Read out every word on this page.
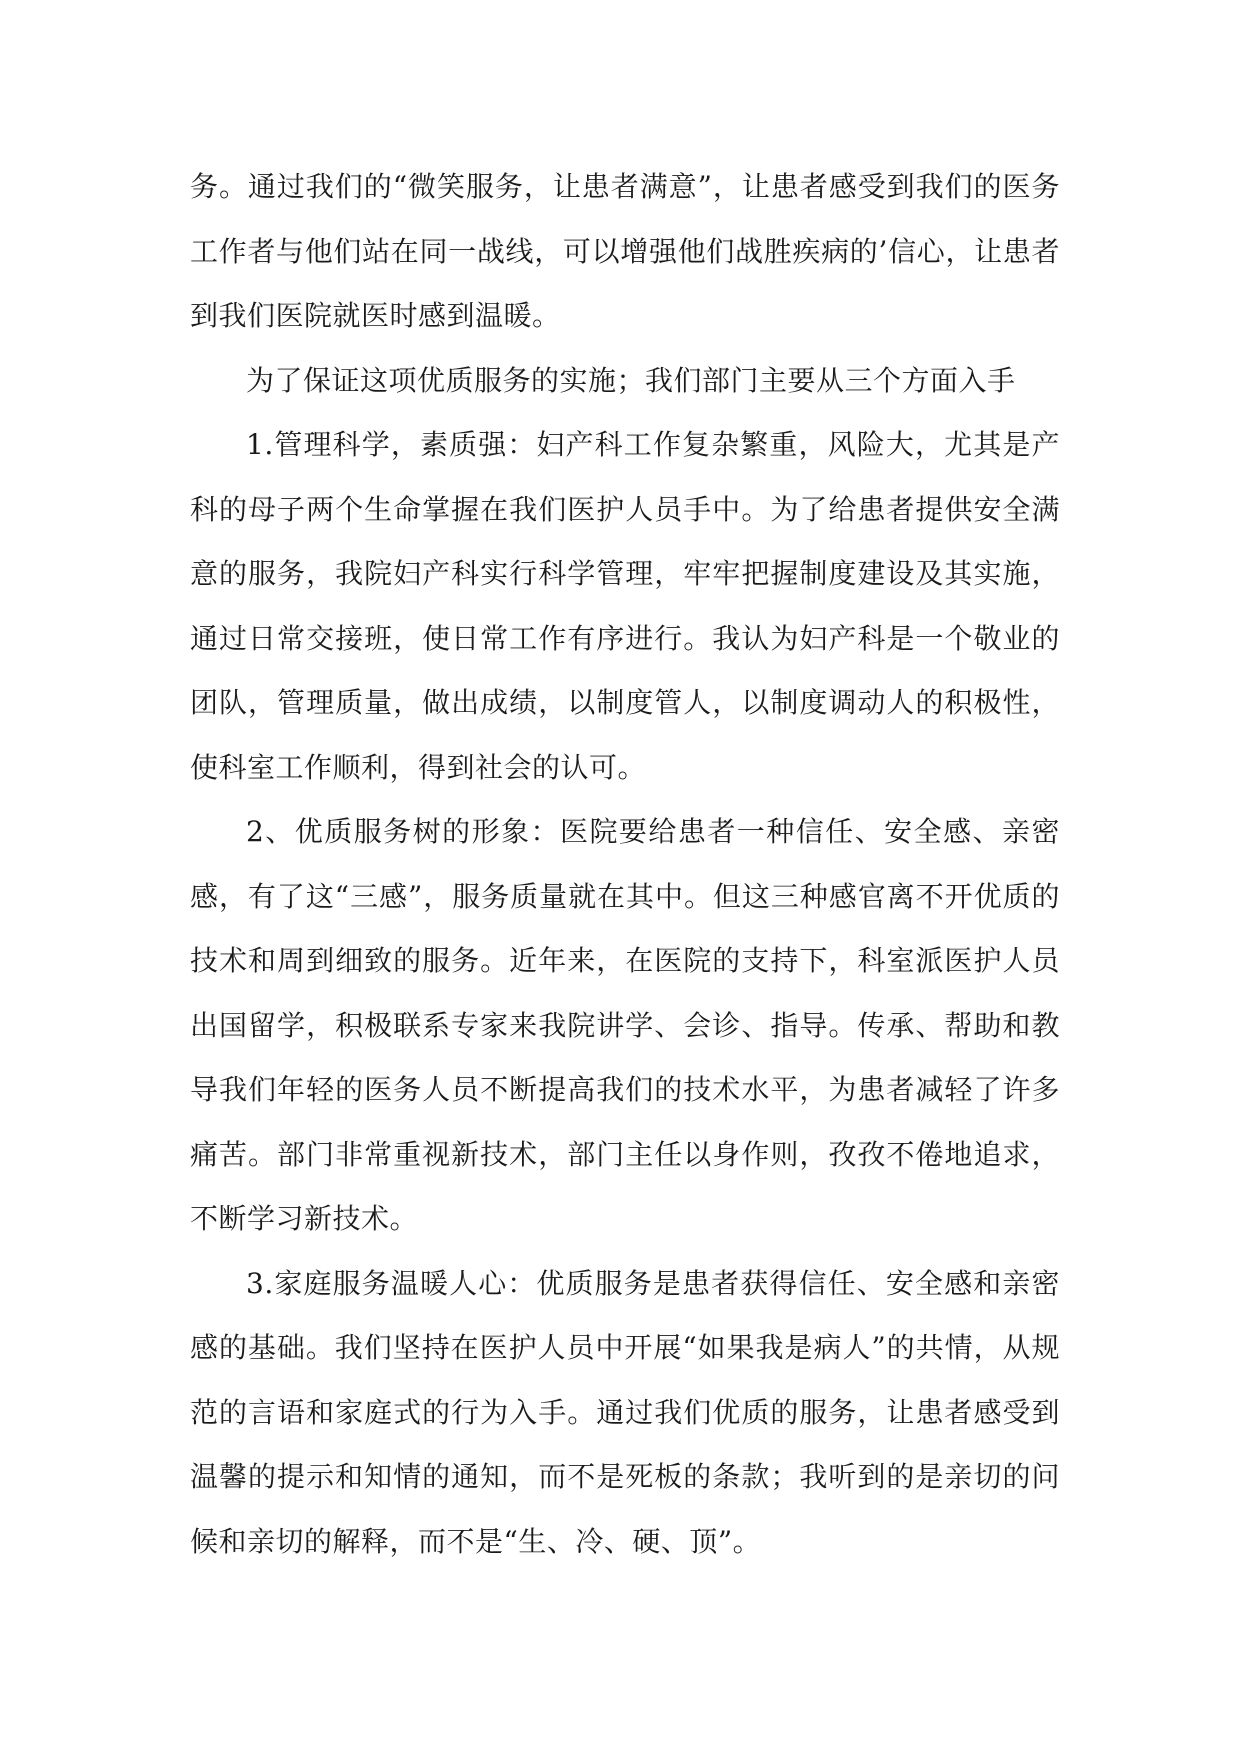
务。通过我们的“微笑服务，让患者满意”，让患者感受到我们的医务工作者与他们站在同一战线，可以增强他们战胜疾病的’信心，让患者到我们医院就医时感到温暖。

为了保证这项优质服务的实施；我们部门主要从三个方面入手

1.管理科学，素质强：妇产科工作复杂繁重，风险大，尤其是产科的母子两个生命掌握在我们医护人员手中。为了给患者提供安全满意的服务，我院妇产科实行科学管理，牢牢把握制度建设及其实施，通过日常交接班，使日常工作有序进行。我认为妇产科是一个敬业的团队，管理质量，做出成绩，以制度管人，以制度调动人的积极性，使科室工作顺利，得到社会的认可。

2、优质服务树的形象：医院要给患者一种信任、安全感、亲密感，有了这“三感”，服务质量就在其中。但这三种感官离不开优质的技术和周到细致的服务。近年来，在医院的支持下，科室派医护人员出国留学，积极联系专家来我院讲学、会诊、指导。传承、帮助和教导我们年轻的医务人员不断提高我们的技术水平，为患者减轻了许多痛苦。部门非常重视新技术，部门主任以身作则，孜孜不倦地追求，不断学习新技术。

3.家庭服务温暖人心：优质服务是患者获得信任、安全感和亲密感的基础。我们坚持在医护人员中开展“如果我是病人”的共情，从规范的言语和家庭式的行为入手。通过我们优质的服务，让患者感受到温馨的提示和知情的通知，而不是死板的条款；我听到的是亲切的问候和亲切的解释，而不是“生、冷、硬、顶”。
